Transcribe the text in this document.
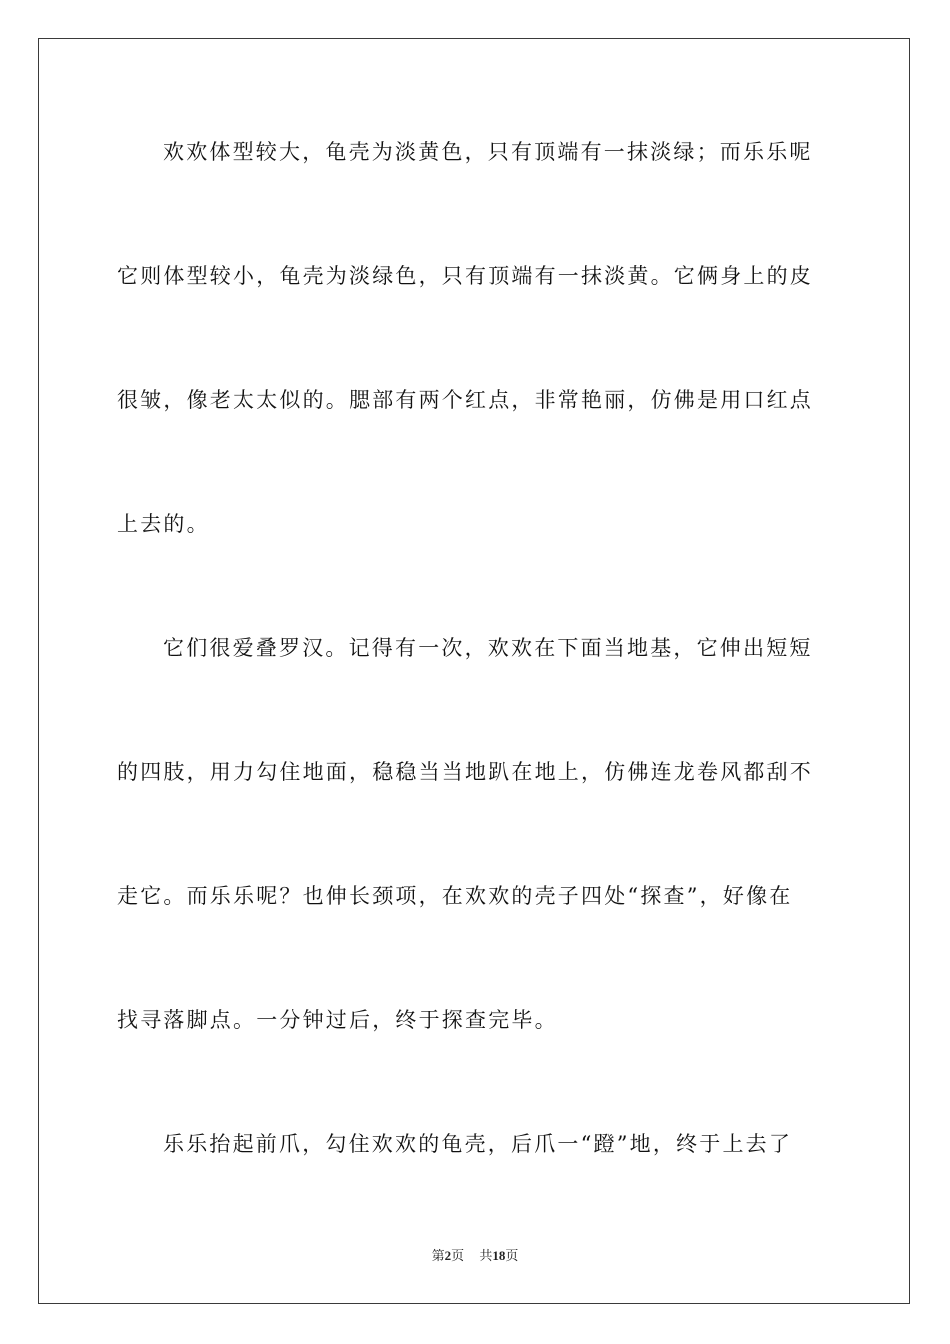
欢欢体型较大，龟壳为淡黄色，只有顶端有一抹淡绿；而乐乐呢
它则体型较小，龟壳为淡绿色，只有顶端有一抹淡黄。它俩身上的皮
很皱，像老太太似的。腮部有两个红点，非常艳丽，仿佛是用口红点
上去的。
它们很爱叠罗汉。记得有一次，欢欢在下面当地基，它伸出短短
的四肢，用力勾住地面，稳稳当当地趴在地上，仿佛连龙卷风都刮不
走它。而乐乐呢？也伸长颈项，在欢欢的壳子四处“探查”，好像在
找寻落脚点。一分钟过后，终于探查完毕。
乐乐抬起前爪，勾住欢欢的龟壳，后爪一“蹬”地，终于上去了
第2页 共18页
